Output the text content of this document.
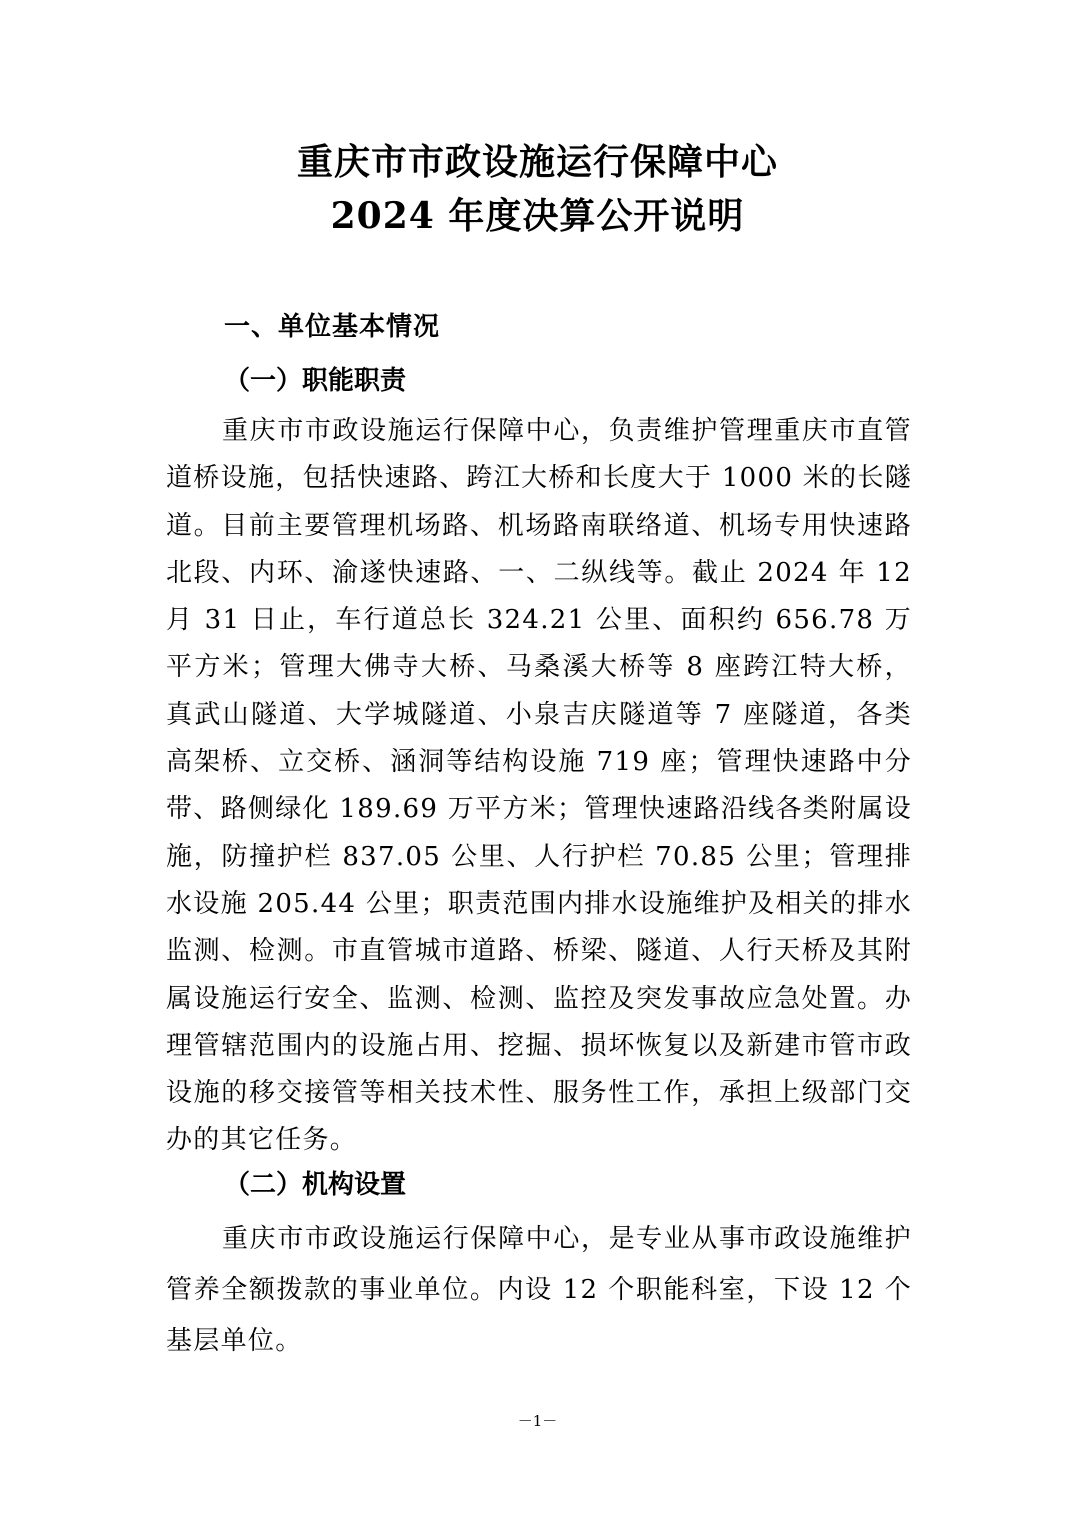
重庆市市政设施运行保障中心
2024 年度决算公开说明
一、单位基本情况
（一）职能职责

重庆市市政设施运行保障中心，负责维护管理重庆市直管道桥设施，包括快速路、跨江大桥和长度大于 1000 米的长隧道。目前主要管理机场路、机场路南联络道、机场专用快速路北段、内环、渝遂快速路、一、二纵线等。截止 2024 年 12 月 31 日止，车行道总长 324.21 公里、面积约 656.78 万平方米；管理大佛寺大桥、马桑溪大桥等 8 座跨江特大桥，真武山隧道、大学城隧道、小泉吉庆隧道等 7 座隧道，各类高架桥、立交桥、涵洞等结构设施 719 座；管理快速路中分带、路侧绿化 189.69 万平方米；管理快速路沿线各类附属设施，防撞护栏 837.05 公里、人行护栏 70.85 公里；管理排水设施 205.44 公里；职责范围内排水设施维护及相关的排水监测、检测。市直管城市道路、桥梁、隧道、人行天桥及其附属设施运行安全、监测、检测、监控及突发事故应急处置。办理管辖范围内的设施占用、挖掘、损坏恢复以及新建市管市政设施的移交接管等相关技术性、服务性工作，承担上级部门交办的其它任务。

（二）机构设置

重庆市市政设施运行保障中心，是专业从事市政设施维护管养全额拨款的事业单位。内设 12 个职能科室，下设 12 个基层单位。

－1－
